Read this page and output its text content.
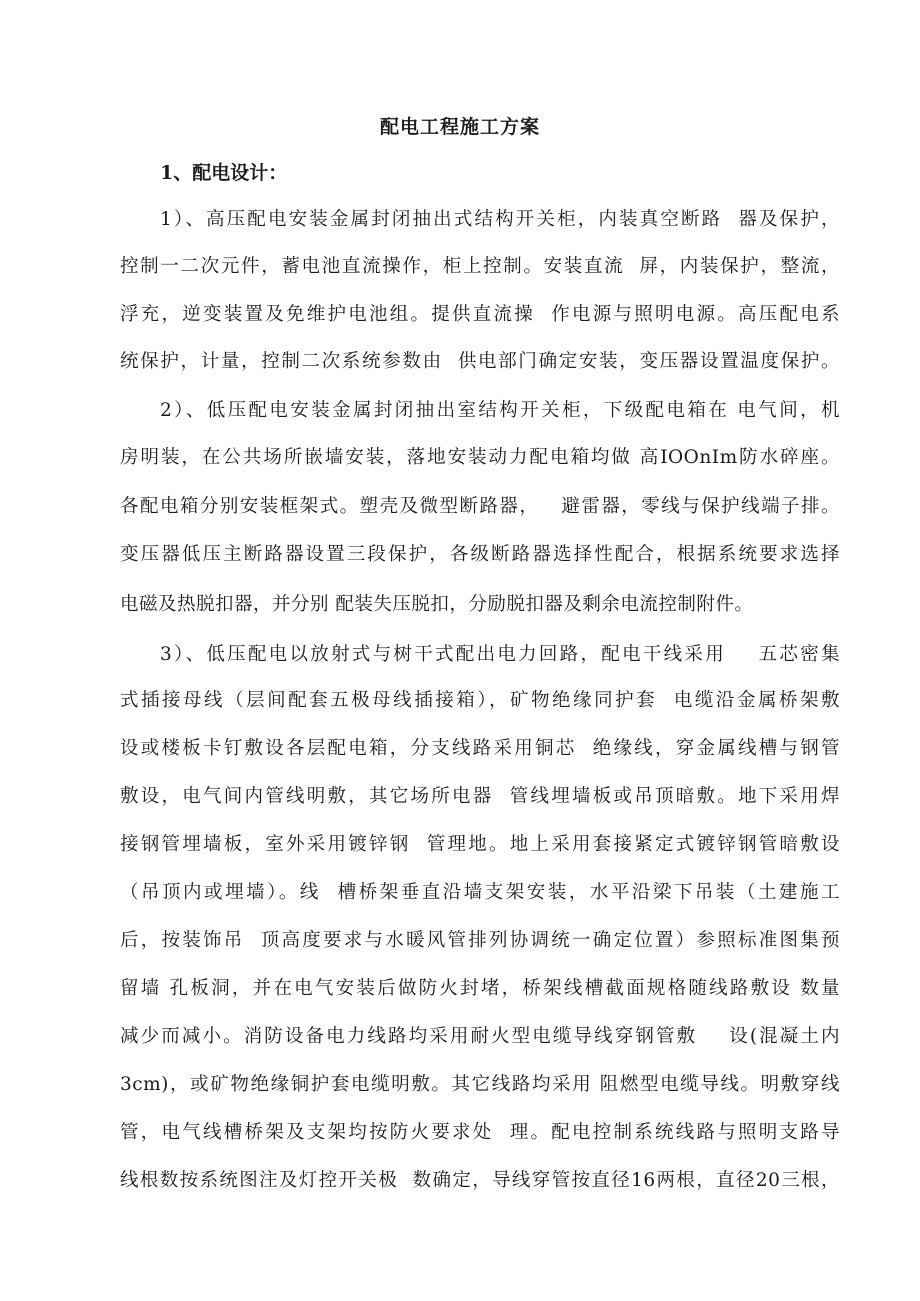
配电工程施工方案
1、配电设计：
1）、高压配电安装金属封闭抽出式结构开关柜，内装真空断路  器及保护，
控制一二次元件，蓄电池直流操作，柜上控制。安装直流  屏，内装保护，整流，
浮充，逆变装置及免维护电池组。提供直流操  作电源与照明电源。高压配电系
统保护，计量，控制二次系统参数由  供电部门确定安装，变压器设置温度保护。
2）、低压配电安装金属封闭抽出室结构开关柜，下级配电箱在 电气间，机
房明装，在公共场所嵌墙安装，落地安装动力配电箱均做 高IOOnIm防水碎座。
各配电箱分别安装框架式。塑壳及微型断路器，   避雷器，零线与保护线端子排。
变压器低压主断路器设置三段保护，各级断路器选择性配合，根据系统要求选择
电磁及热脱扣器，并分别 配装失压脱扣，分励脱扣器及剩余电流控制附件。
3）、低压配电以放射式与树干式配出电力回路，配电干线采用    五芯密集
式插接母线（层间配套五极母线插接箱），矿物绝缘同护套  电缆沿金属桥架敷
设或楼板卡钉敷设各层配电箱，分支线路采用铜芯  绝缘线，穿金属线槽与钢管
敷设，电气间内管线明敷，其它场所电器  管线埋墙板或吊顶暗敷。地下采用焊
接钢管埋墙板，室外采用镀锌钢  管理地。地上采用套接紧定式镀锌钢管暗敷设
（吊顶内或埋墙）。线  槽桥架垂直沿墙支架安装，水平沿梁下吊装（土建施工
后，按装饰吊  顶高度要求与水暖风管排列协调统一确定位置）参照标准图集预
留墙 孔板洞，并在电气安装后做防火封堵，桥架线槽截面规格随线路敷设 数量
减少而减小。消防设备电力线路均采用耐火型电缆导线穿钢管敷    设(混凝土内
3cm)，或矿物绝缘铜护套电缆明敷。其它线路均采用 阻燃型电缆导线。明敷穿线
管，电气线槽桥架及支架均按防火要求处  理。配电控制系统线路与照明支路导
线根数按系统图注及灯控开关极  数确定，导线穿管按直径16两根，直径20三根，
